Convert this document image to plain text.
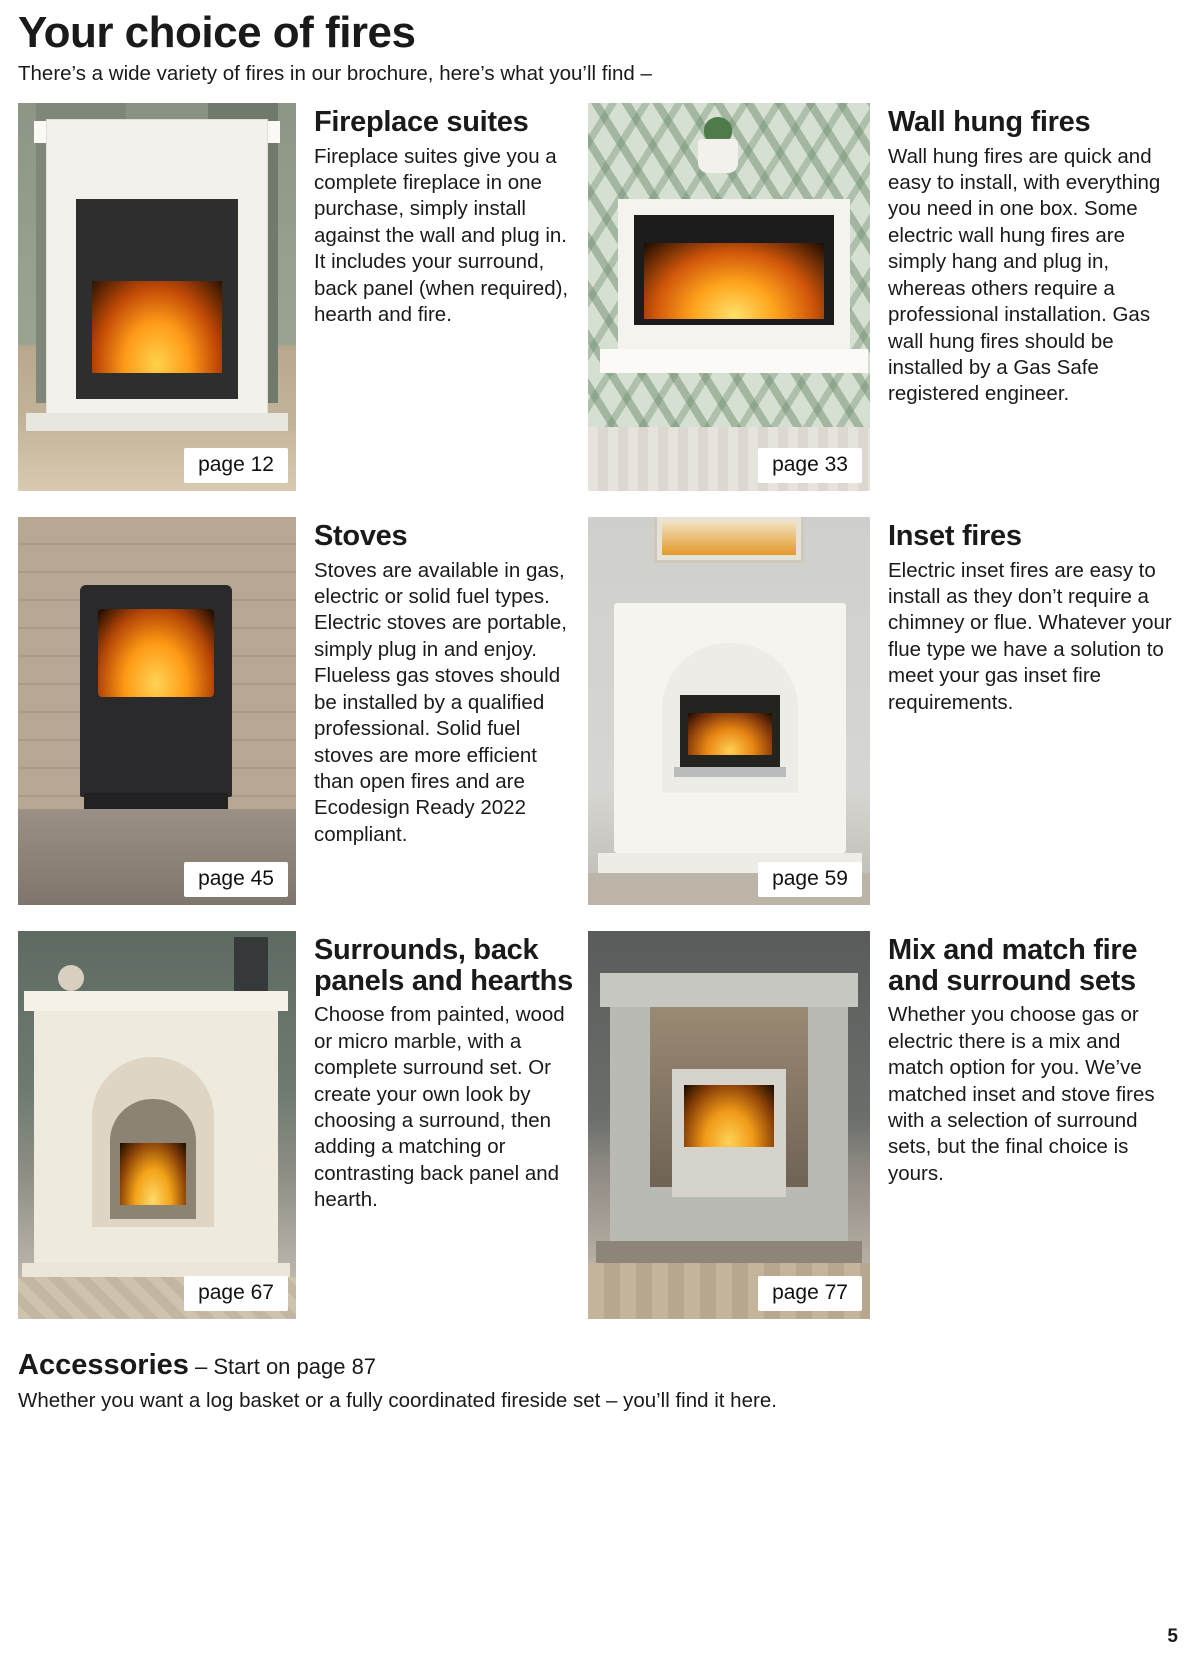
Your choice of fires

There’s a wide variety of fires in our brochure, here’s what you’ll find –

page 12
Fireplace suites

Fireplace suites give you a complete fireplace in one purchase, simply install against the wall and plug in. It includes your surround, back panel (when required), hearth and fire.

page 33
Wall hung fires

Wall hung fires are quick and easy to install, with everything you need in one box. Some electric wall hung fires are simply hang and plug in, whereas others require a professional installation. Gas wall hung fires should be installed by a Gas Safe registered engineer.

page 45
Stoves

Stoves are available in gas, electric or solid fuel types. Electric stoves are portable, simply plug in and enjoy. Flueless gas stoves should be installed by a qualified professional. Solid fuel stoves are more efficient than open fires and are Ecodesign Ready 2022 compliant.

page 59
Inset fires

Electric inset fires are easy to install as they don’t require a chimney or flue. Whatever your flue type we have a solution to meet your gas inset fire requirements.

page 67
Surrounds, back panels and hearths

Choose from painted, wood or micro marble, with a complete surround set. Or create your own look by choosing a surround, then adding a matching or contrasting back panel and hearth.

page 77
Mix and match fire and surround sets

Whether you choose gas or electric there is a mix and match option for you. We’ve matched inset and stove fires with a selection of surround sets, but the final choice is yours.

Accessories – Start on page 87

Whether you want a log basket or a fully coordinated fireside set – you’ll find it here.

5
